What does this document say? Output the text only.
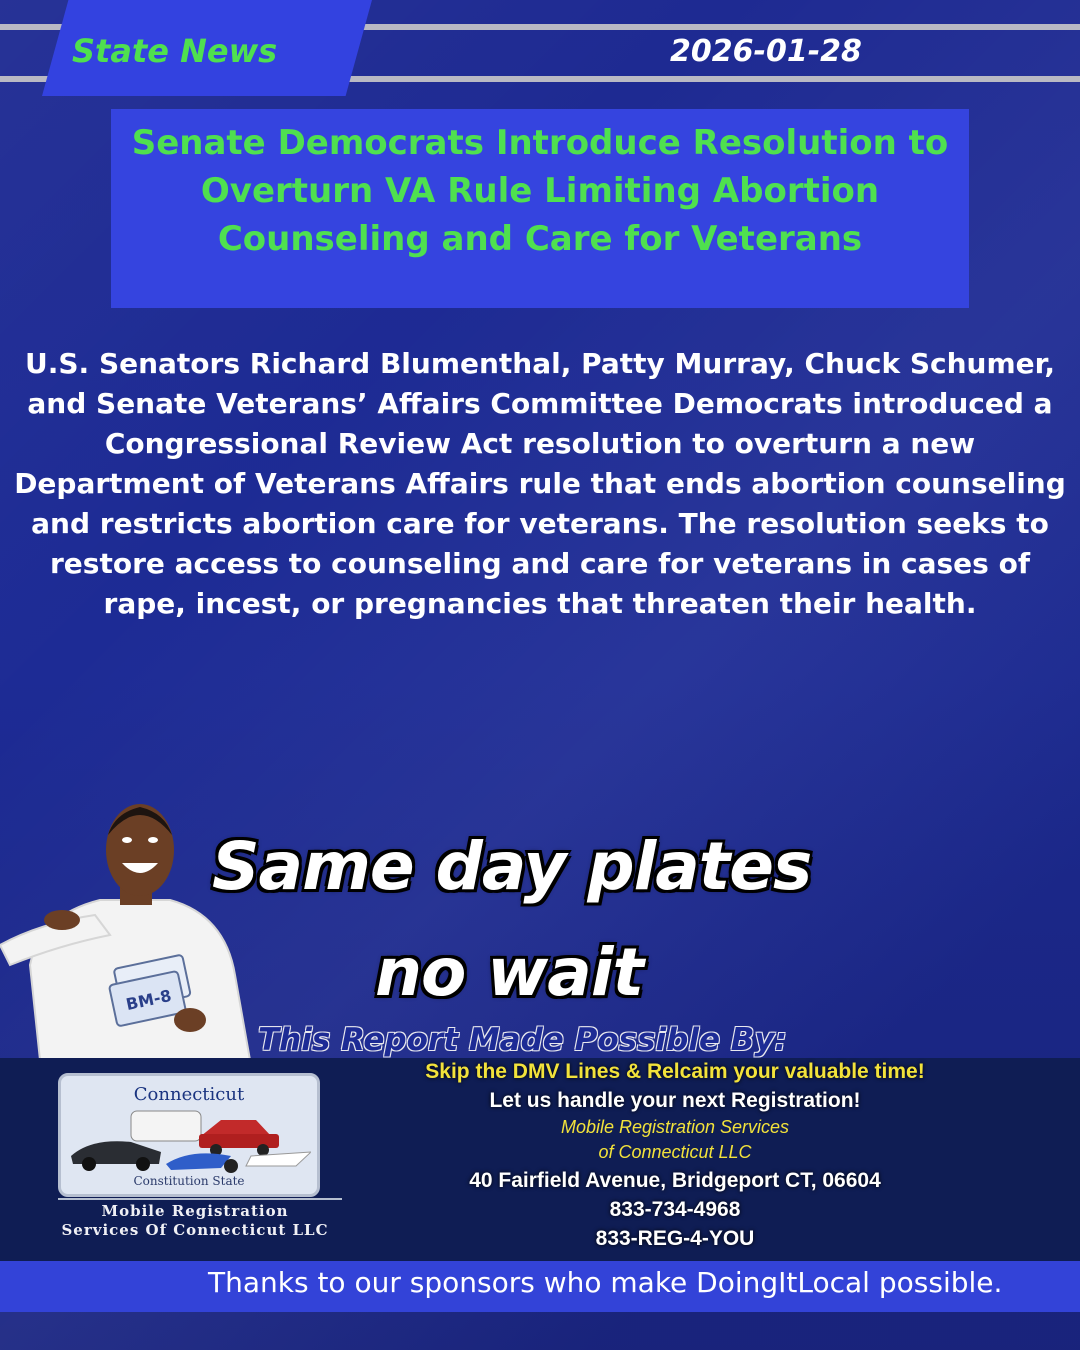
State News	2026-01-28
Senate Democrats Introduce Resolution to Overturn VA Rule Limiting Abortion Counseling and Care for Veterans
U.S. Senators Richard Blumenthal, Patty Murray, Chuck Schumer, and Senate Veterans’ Affairs Committee Democrats introduced a Congressional Review Act resolution to overturn a new Department of Veterans Affairs rule that ends abortion counseling and restricts abortion care for veterans. The resolution seeks to restore access to counseling and care for veterans in cases of rape, incest, or pregnancies that threaten their health.
BM-8
Same day plates
no wait
This Report Made Possible By:
Connecticut
Constitution State
Mobile Registration Services Of Connecticut LLC
Skip the DMV Lines & Relcaim your valuable time!
Let us handle your next Registration!
Mobile Registration Services
of Connecticut LLC
40 Fairfield Avenue, Bridgeport CT, 06604
833-734-4968
833-REG-4-YOU
Thanks to our sponsors who make DoingItLocal possible.
